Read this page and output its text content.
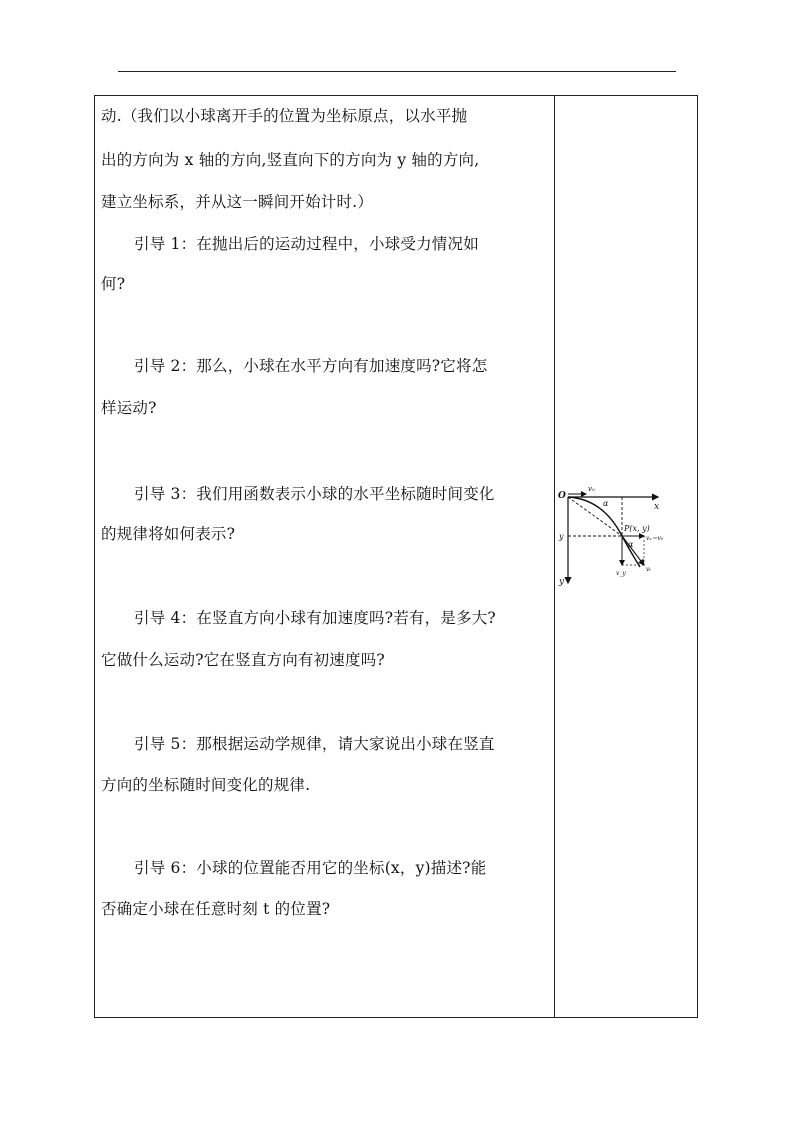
动.（我们以小球离开手的位置为坐标原点，以水平抛
出的方向为 x 轴的方向,竖直向下的方向为 y 轴的方向,
建立坐标系，并从这一瞬间开始计时.）
引导 1：在抛出后的运动过程中，小球受力情况如
何?
引导 2：那么，小球在水平方向有加速度吗?它将怎
样运动?
引导 3：我们用函数表示小球的水平坐标随时间变化
的规律将如何表示?
引导 4：在竖直方向小球有加速度吗?若有，是多大?
它做什么运动?它在竖直方向有初速度吗?
引导 5：那根据运动学规律，请大家说出小球在竖直
方向的坐标随时间变化的规律.
引导 6：小球的位置能否用它的坐标(x，y)描述?能
否确定小球在任意时刻 t 的位置?
O
x
y
y
v₀
α
P(x, y)
vₓ＝v₀
α
v_y
vₜ
